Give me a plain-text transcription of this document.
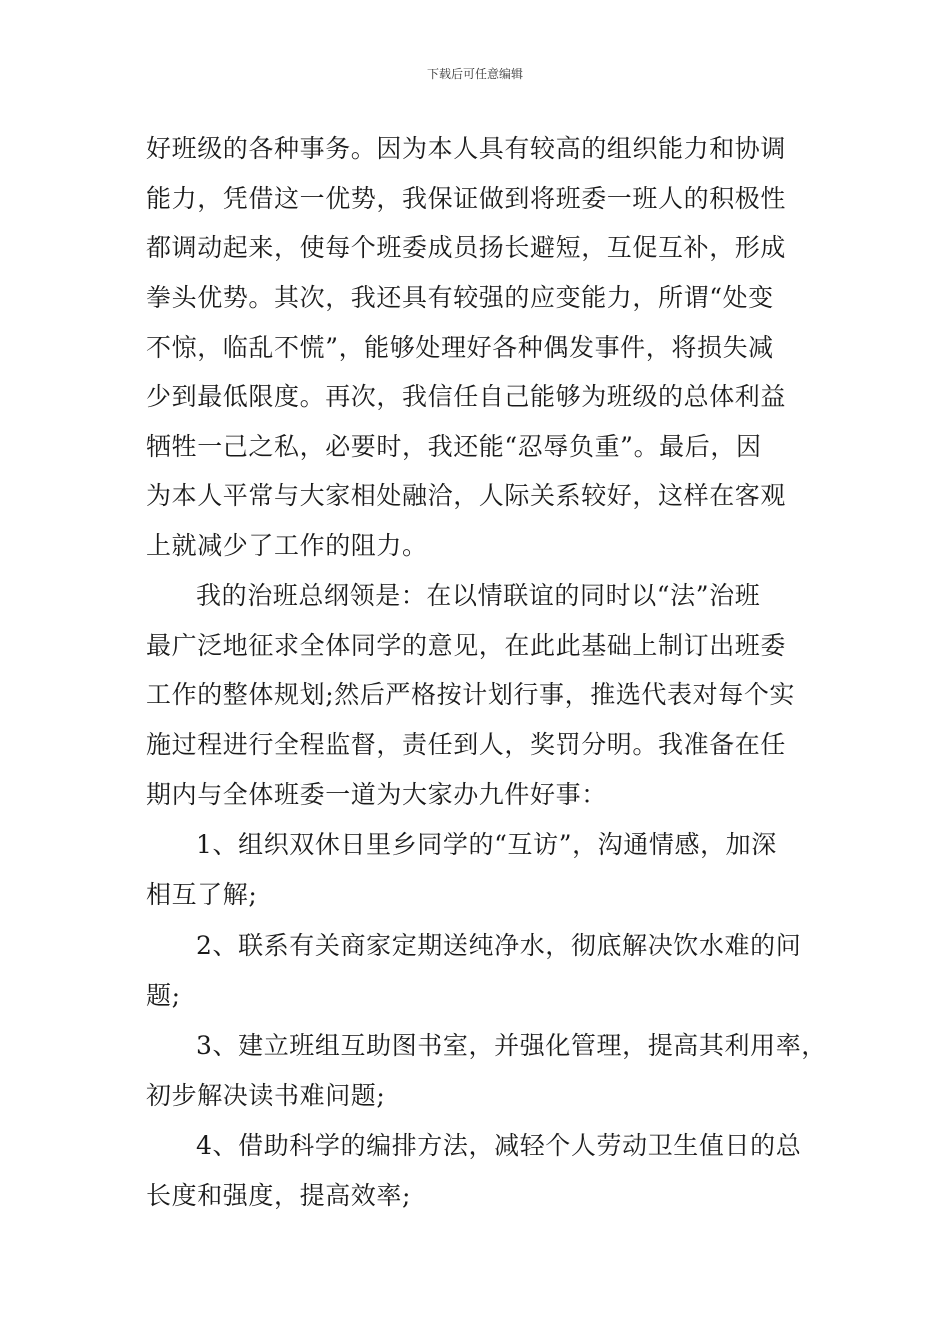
下载后可任意编辑
好班级的各种事务。因为本人具有较高的组织能力和协调
能力，凭借这一优势，我保证做到将班委一班人的积极性
都调动起来，使每个班委成员扬长避短，互促互补，形成
拳头优势。其次，我还具有较强的应变能力，所谓“处变
不惊，临乱不慌”，能够处理好各种偶发事件，将损失减
少到最低限度。再次，我信任自己能够为班级的总体利益
牺牲一己之私，必要时，我还能“忍辱负重”。最后，因
为本人平常与大家相处融洽，人际关系较好，这样在客观
上就减少了工作的阻力。
我的治班总纲领是：在以情联谊的同时以“法”治班
最广泛地征求全体同学的意见，在此此基础上制订出班委
工作的整体规划;然后严格按计划行事，推选代表对每个实
施过程进行全程监督，责任到人，奖罚分明。我准备在任
期内与全体班委一道为大家办九件好事：
1、组织双休日里乡同学的“互访”，沟通情感，加深
相互了解;
2、联系有关商家定期送纯净水，彻底解决饮水难的问
题;
3、建立班组互助图书室，并强化管理，提高其利用率，
初步解决读书难问题;
4、借助科学的编排方法，减轻个人劳动卫生值日的总
长度和强度，提高效率;
